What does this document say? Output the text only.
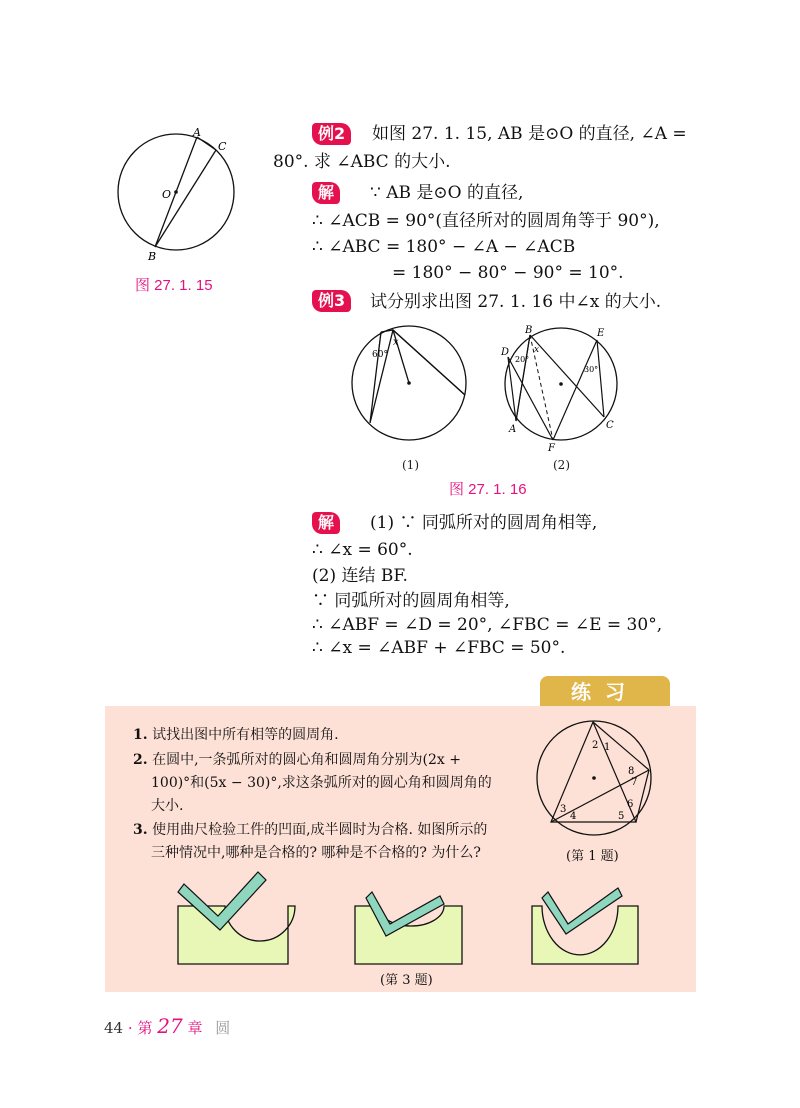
A
C
O
B
图 27. 1. 15
例2	如图 27. 1. 15, AB 是⊙O 的直径, ∠A =
80°. 求 ∠ABC 的大小.
解	∵ AB 是⊙O 的直径,
∴ ∠ACB = 90°(直径所对的圆周角等于 90°),
∴ ∠ABC = 180° − ∠A − ∠ACB
= 180° − 80° − 90° = 10°.
例3	试分别求出图 27. 1. 16 中∠x 的大小.
60°
x
(1)
B	E
D
A
F
C
20°
30°
x
(2)
图 27. 1. 16
解	(1) ∵ 同弧所对的圆周角相等,
∴ ∠x = 60°.
(2) 连结 BF.
∵ 同弧所对的圆周角相等,
∴ ∠ABF = ∠D = 20°, ∠FBC = ∠E = 30°,
∴ ∠x = ∠ABF + ∠FBC = 50°.
练习
1. 试找出图中所有相等的圆周角.
2. 在圆中,一条弧所对的圆心角和圆周角分别为(2x +
100)°和(5x − 30)°,求这条弧所对的圆心角和圆周角的
大小.
3. 使用曲尺检验工件的凹面,成半圆时为合格. 如图所示的
三种情况中,哪种是合格的? 哪种是不合格的? 为什么?
1
2
3
4	5
6
7
8
(第 1 题)
(第 3 题)
44 · 第 27 章 圆
